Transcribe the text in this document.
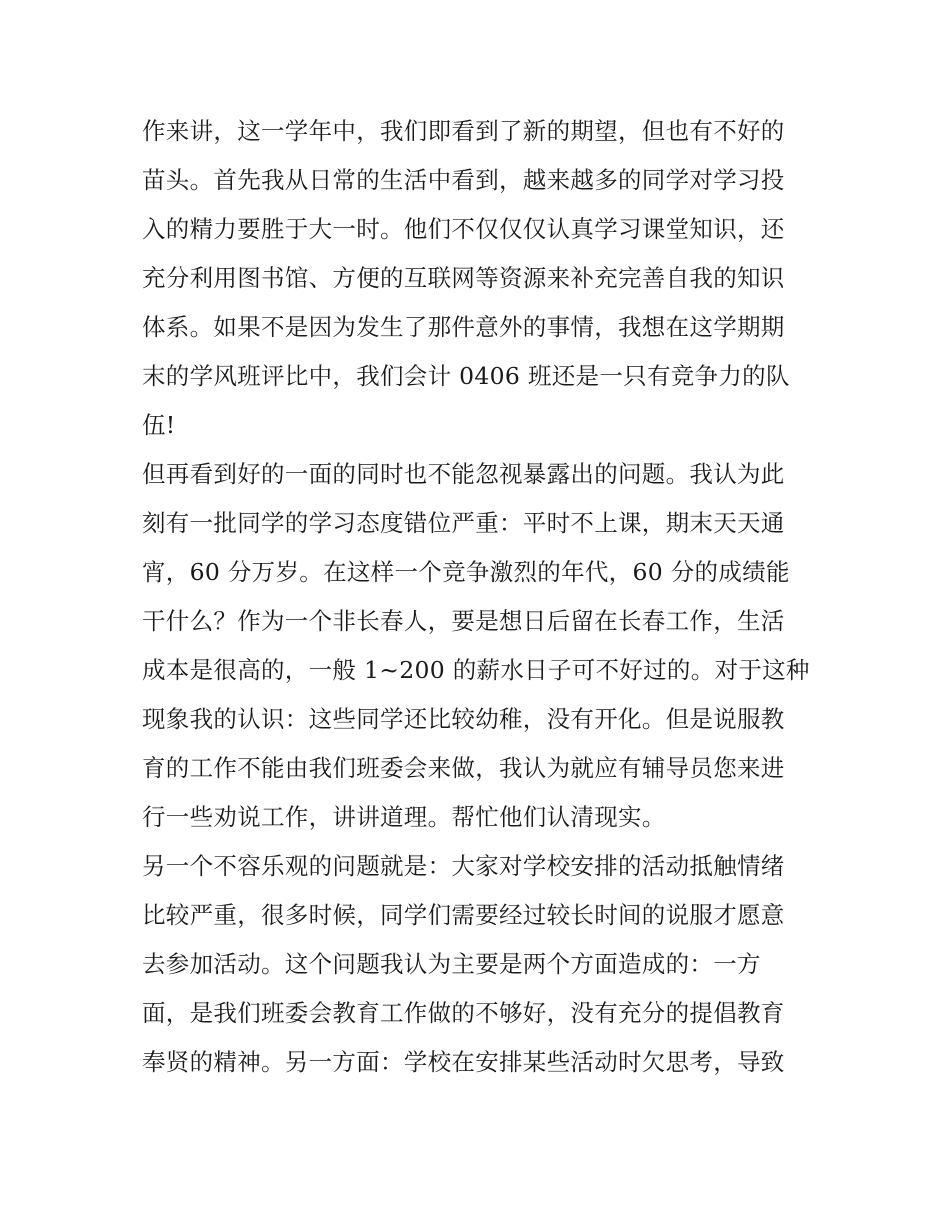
作来讲，这一学年中，我们即看到了新的期望，但也有不好的
苗头。首先我从日常的生活中看到，越来越多的同学对学习投
入的精力要胜于大一时。他们不仅仅仅认真学习课堂知识，还
充分利用图书馆、方便的互联网等资源来补充完善自我的知识
体系。如果不是因为发生了那件意外的事情，我想在这学期期
末的学风班评比中，我们会计 0406 班还是一只有竞争力的队
伍!
但再看到好的一面的同时也不能忽视暴露出的问题。我认为此
刻有一批同学的学习态度错位严重：平时不上课，期末天天通
宵，60 分万岁。在这样一个竞争激烈的年代，60 分的成绩能
干什么？作为一个非长春人，要是想日后留在长春工作，生活
成本是很高的，一般 1~200 的薪水日子可不好过的。对于这种
现象我的认识：这些同学还比较幼稚，没有开化。但是说服教
育的工作不能由我们班委会来做，我认为就应有辅导员您来进
行一些劝说工作，讲讲道理。帮忙他们认清现实。
另一个不容乐观的问题就是：大家对学校安排的活动抵触情绪
比较严重，很多时候，同学们需要经过较长时间的说服才愿意
去参加活动。这个问题我认为主要是两个方面造成的：一方
面，是我们班委会教育工作做的不够好，没有充分的提倡教育
奉贤的精神。另一方面：学校在安排某些活动时欠思考，导致
